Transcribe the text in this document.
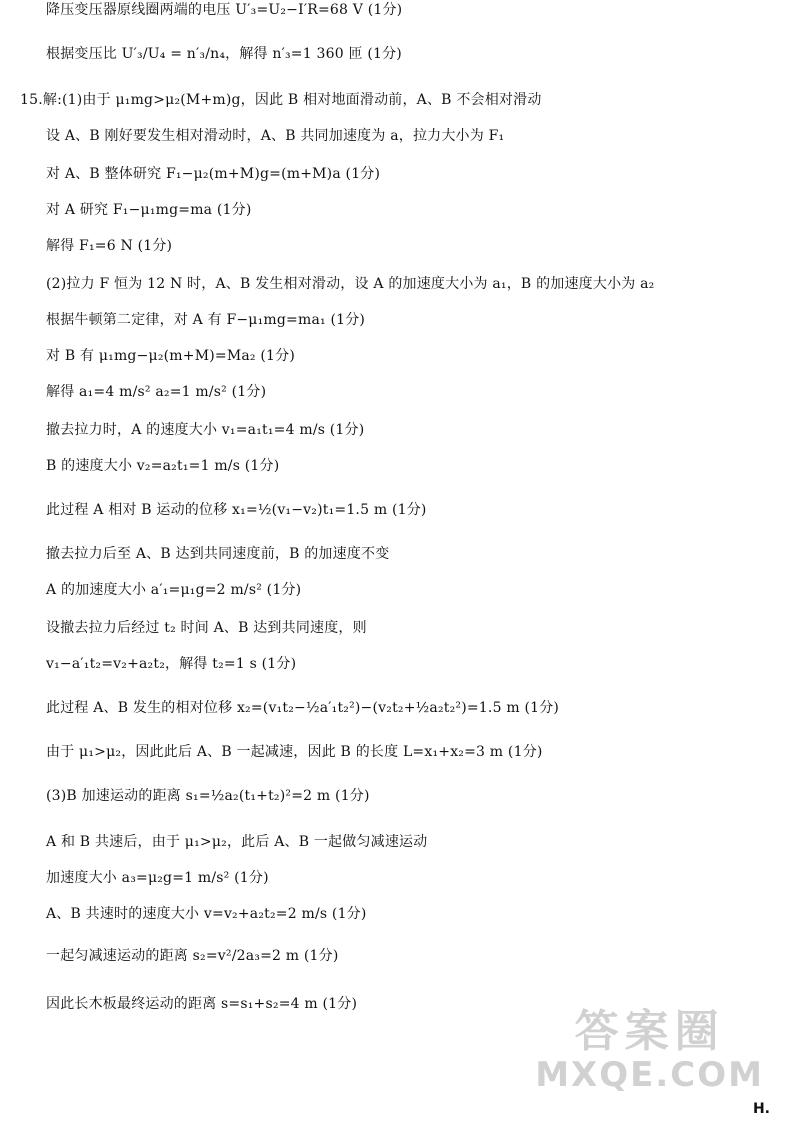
降压变压器原线圈两端的电压 U′₃=U₂−I′R=68 V (1分)
根据变压比 U′₃/U₄ = n′₃/n₄，解得 n′₃=1 360 匝 (1分)
15.解:(1)由于 μ₁mg>μ₂(M+m)g，因此 B 相对地面滑动前，A、B 不会相对滑动
设 A、B 刚好要发生相对滑动时，A、B 共同加速度为 a，拉力大小为 F₁
对 A、B 整体研究 F₁−μ₂(m+M)g=(m+M)a (1分)
对 A 研究 F₁−μ₁mg=ma (1分)
解得 F₁=6 N (1分)
(2)拉力 F 恒为 12 N 时，A、B 发生相对滑动，设 A 的加速度大小为 a₁，B 的加速度大小为 a₂
根据牛顿第二定律，对 A 有 F−μ₁mg=ma₁ (1分)
对 B 有 μ₁mg−μ₂(m+M)=Ma₂ (1分)
解得 a₁=4 m/s² a₂=1 m/s² (1分)
撤去拉力时，A 的速度大小 v₁=a₁t₁=4 m/s (1分)
B 的速度大小 v₂=a₂t₁=1 m/s (1分)
此过程 A 相对 B 运动的位移 x₁=½(v₁−v₂)t₁=1.5 m (1分)
撤去拉力后至 A、B 达到共同速度前，B 的加速度不变
A 的加速度大小 a′₁=μ₁g=2 m/s² (1分)
设撤去拉力后经过 t₂ 时间 A、B 达到共同速度，则
v₁−a′₁t₂=v₂+a₂t₂，解得 t₂=1 s (1分)
此过程 A、B 发生的相对位移 x₂=(v₁t₂−½a′₁t₂²)−(v₂t₂+½a₂t₂²)=1.5 m (1分)
由于 μ₁>μ₂，因此此后 A、B 一起减速，因此 B 的长度 L=x₁+x₂=3 m (1分)
(3)B 加速运动的距离 s₁=½a₂(t₁+t₂)²=2 m (1分)
A 和 B 共速后，由于 μ₁>μ₂，此后 A、B 一起做匀减速运动
加速度大小 a₃=μ₂g=1 m/s² (1分)
A、B 共速时的速度大小 v=v₂+a₂t₂=2 m/s (1分)
一起匀减速运动的距离 s₂=v²/2a₃=2 m (1分)
因此长木板最终运动的距离 s=s₁+s₂=4 m (1分)
答案圈
MXQE.COM
H.
